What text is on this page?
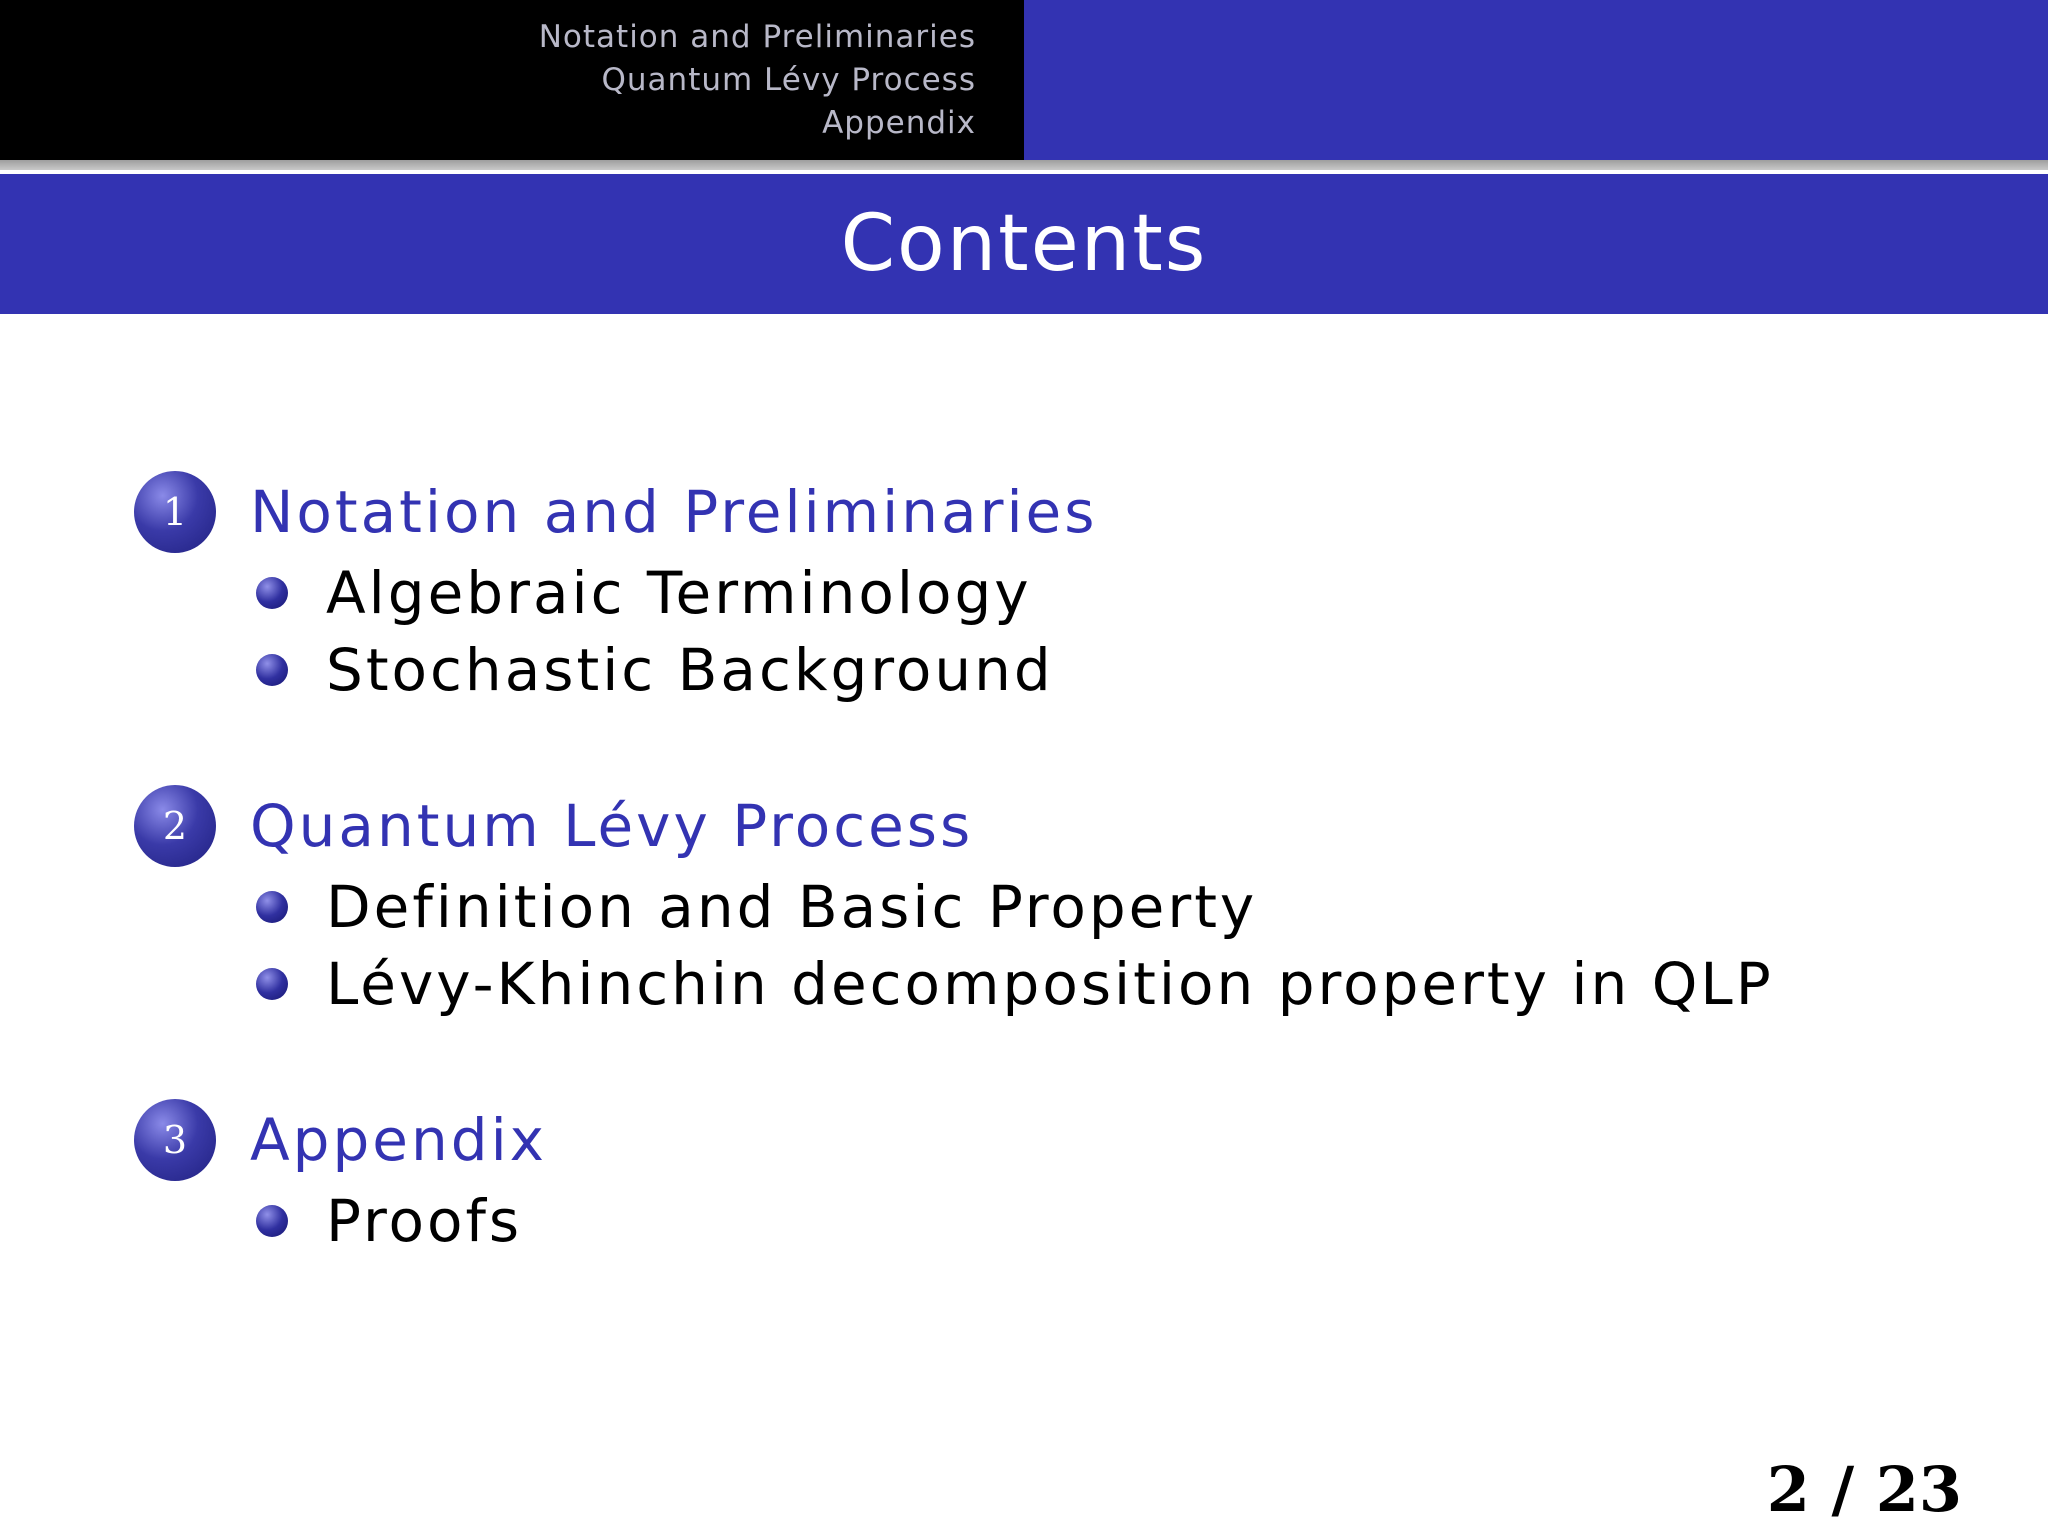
Notation and Preliminaries
Quantum Lévy Process
Appendix
Contents
1	Notation and Preliminaries
Algebraic Terminology
Stochastic Background
2	Quantum Lévy Process
Definition and Basic Property
Lévy-Khinchin decomposition property in QLP
3	Appendix
Proofs
2 / 23
